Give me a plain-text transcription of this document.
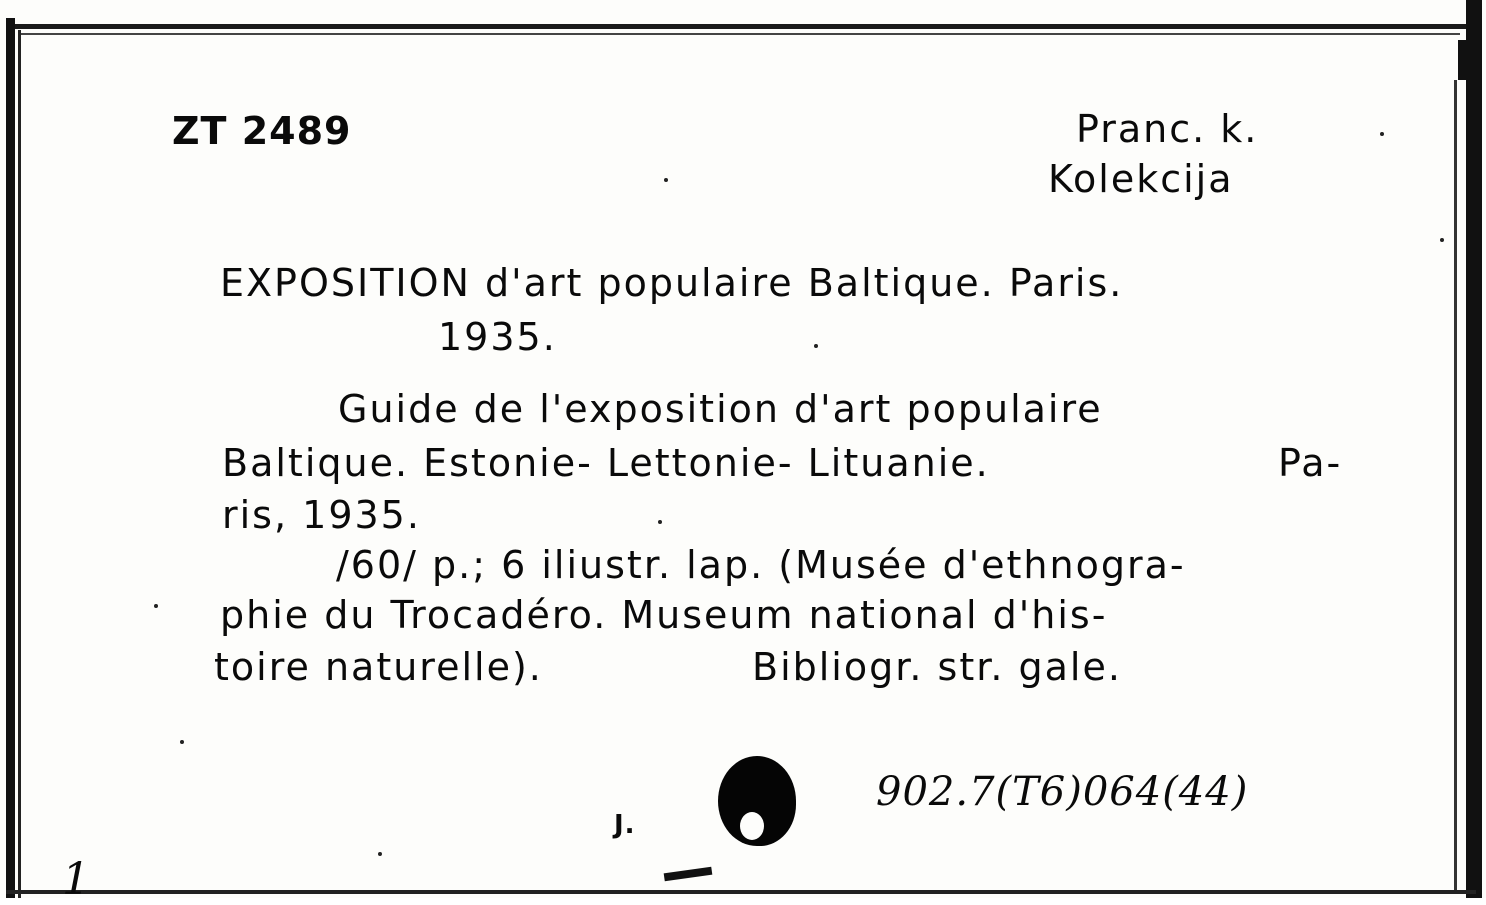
ZT 2489	Pranc. k.
Kolekcija
EXPOSITION d'art populaire Baltique. Paris.
1935.
Guide de l'exposition d'art populaire
Baltique. Estonie- Lettonie- Lituanie.	Pa-
ris, 1935.
/60/ p.; 6 iliustr. lap. (Musée d'ethnogra-
phie du Trocadéro. Museum national d'his-
toire naturelle).	Bibliogr. str. gale.
J.
902.7(T6)064(44)
1
